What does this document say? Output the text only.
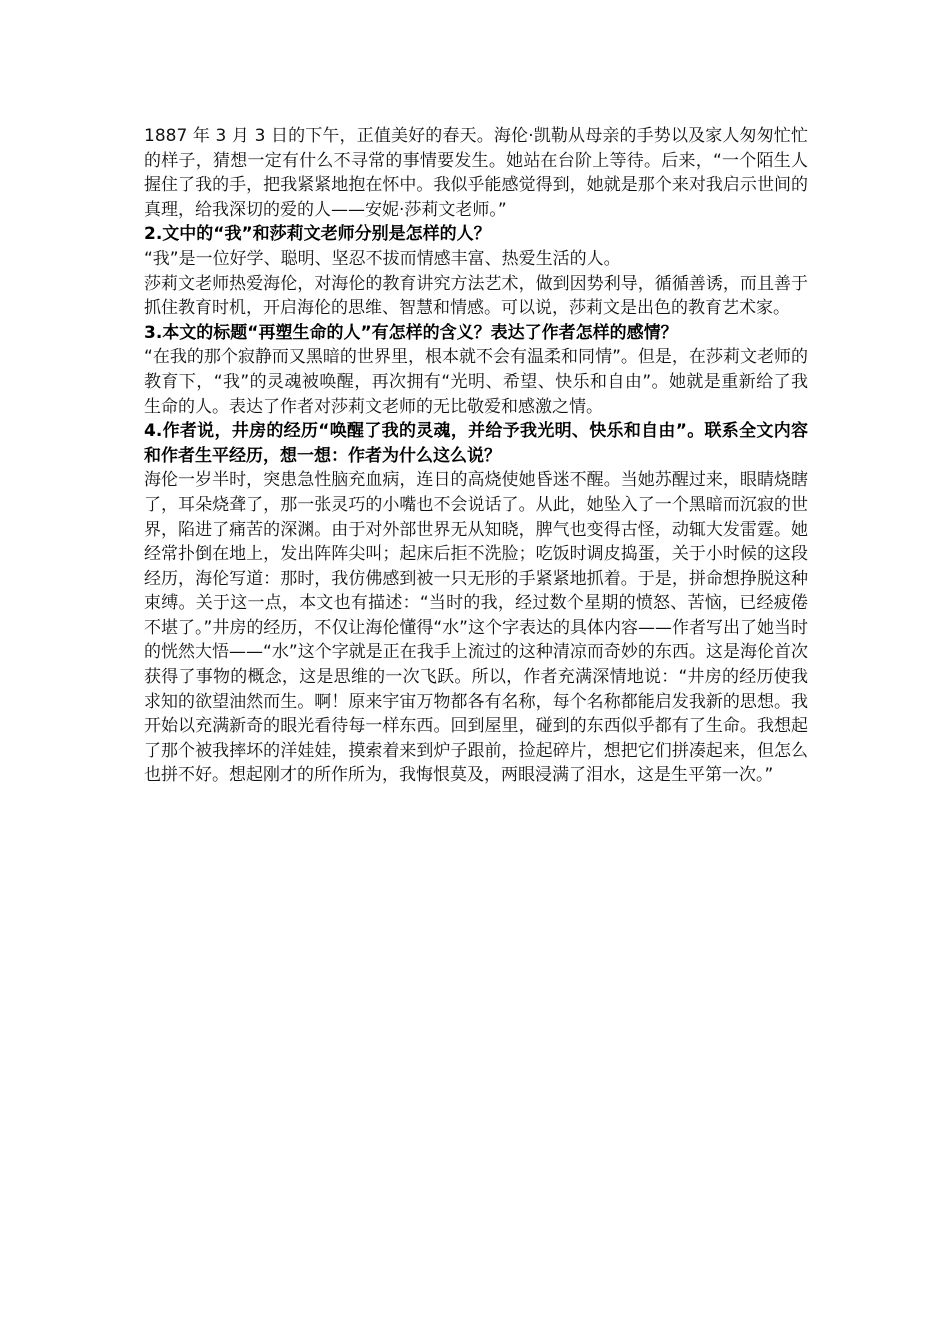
1887 年 3 月 3 日的下午，正值美好的春天。海伦·凯勒从母亲的手势以及家人匆匆忙忙的样子，猜想一定有什么不寻常的事情要发生。她站在台阶上等待。后来，“一个陌生人握住了我的手，把我紧紧地抱在怀中。我似乎能感觉得到，她就是那个来对我启示世间的真理，给我深切的爱的人——安妮·莎莉文老师。”

2.文中的“我”和莎莉文老师分别是怎样的人？

“我”是一位好学、聪明、坚忍不拔而情感丰富、热爱生活的人。

莎莉文老师热爱海伦，对海伦的教育讲究方法艺术，做到因势利导，循循善诱，而且善于抓住教育时机，开启海伦的思维、智慧和情感。可以说，莎莉文是出色的教育艺术家。

3.本文的标题“再塑生命的人”有怎样的含义？表达了作者怎样的感情？

“在我的那个寂静而又黑暗的世界里，根本就不会有温柔和同情”。但是，在莎莉文老师的教育下，“我”的灵魂被唤醒，再次拥有“光明、希望、快乐和自由”。她就是重新给了我生命的人。表达了作者对莎莉文老师的无比敬爱和感激之情。

4.作者说，井房的经历“唤醒了我的灵魂，并给予我光明、快乐和自由”。联系全文内容和作者生平经历，想一想：作者为什么这么说？

海伦一岁半时，突患急性脑充血病，连日的高烧使她昏迷不醒。当她苏醒过来，眼睛烧瞎了，耳朵烧聋了，那一张灵巧的小嘴也不会说话了。从此，她坠入了一个黑暗而沉寂的世界，陷进了痛苦的深渊。由于对外部世界无从知晓，脾气也变得古怪，动辄大发雷霆。她经常扑倒在地上，发出阵阵尖叫；起床后拒不洗脸；吃饭时调皮捣蛋，关于小时候的这段经历，海伦写道：那时，我仿佛感到被一只无形的手紧紧地抓着。于是，拼命想挣脱这种束缚。关于这一点，本文也有描述：“当时的我，经过数个星期的愤怒、苦恼，已经疲倦不堪了。”井房的经历，不仅让海伦懂得“水”这个字表达的具体内容——作者写出了她当时的恍然大悟——“水”这个字就是正在我手上流过的这种清凉而奇妙的东西。这是海伦首次获得了事物的概念，这是思维的一次飞跃。所以，作者充满深情地说：“井房的经历使我求知的欲望油然而生。啊！原来宇宙万物都各有名称，每个名称都能启发我新的思想。我开始以充满新奇的眼光看待每一样东西。回到屋里，碰到的东西似乎都有了生命。我想起了那个被我摔坏的洋娃娃，摸索着来到炉子跟前，捡起碎片，想把它们拼凑起来，但怎么也拼不好。想起刚才的所作所为，我悔恨莫及，两眼浸满了泪水，这是生平第一次。”
